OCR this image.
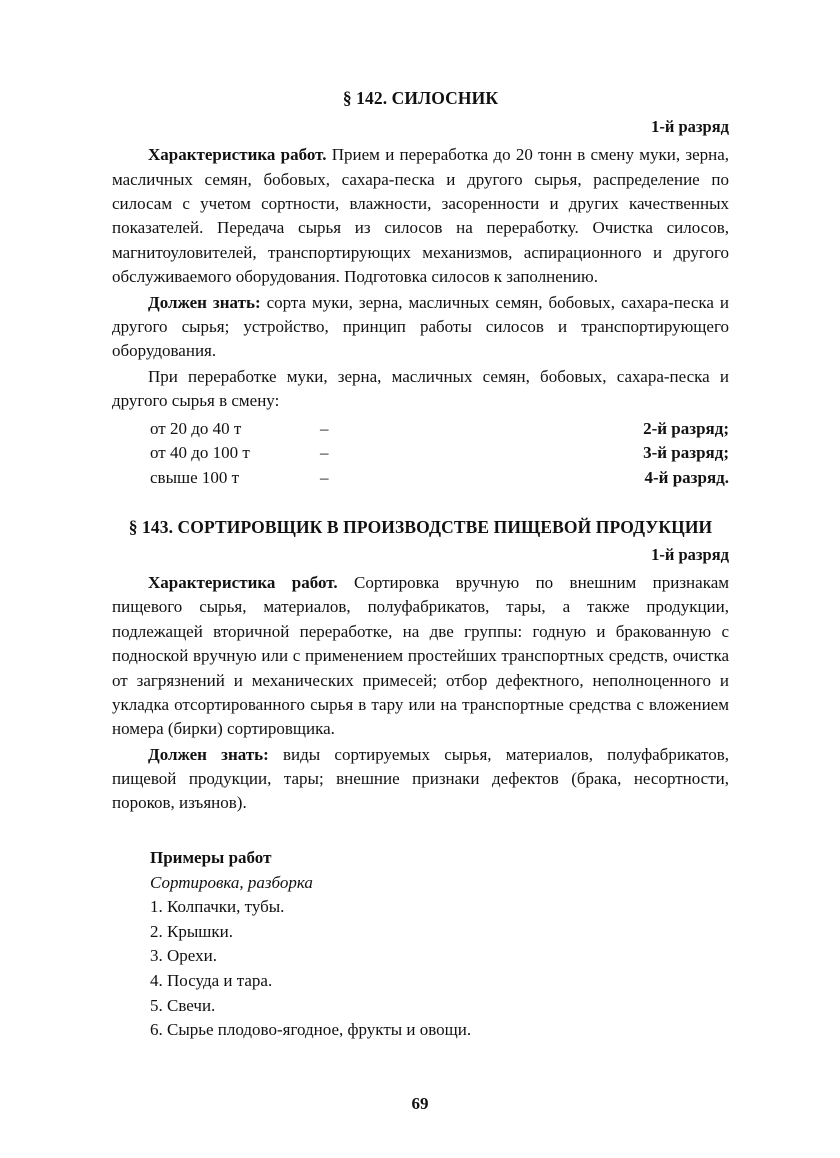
§ 142. СИЛОСНИК
1-й разряд

Характеристика работ. Прием и переработка до 20 тонн в смену муки, зерна, масличных семян, бобовых, сахара-песка и другого сырья, распределение по силосам с учетом сортности, влажности, засоренности и других качественных показателей. Передача сырья из силосов на переработку. Очистка силосов, магнитоуловителей, транспортирующих механизмов, аспирационного и другого обслуживаемого оборудования. Подготовка силосов к заполнению.

Должен знать: сорта муки, зерна, масличных семян, бобовых, сахара-песка и другого сырья; устройство, принцип работы силосов и транспортирующего оборудования.

При переработке муки, зерна, масличных семян, бобовых, сахара-песка и другого сырья в смену:

от 20 до 40 т	–	2-й разряд;
от 40 до 100 т	–	3-й разряд;
свыше 100 т	–	4-й разряд.
§ 143. СОРТИРОВЩИК В ПРОИЗВОДСТВЕ ПИЩЕВОЙ ПРОДУКЦИИ
1-й разряд

Характеристика работ. Сортировка вручную по внешним признакам пищевого сырья, материалов, полуфабрикатов, тары, а также продукции, подлежащей вторичной переработке, на две группы: годную и бракованную с подноской вручную или с применением простейших транспортных средств, очистка от загрязнений и механических примесей; отбор дефектного, неполноценного и укладка отсортированного сырья в тару или на транспортные средства с вложением номера (бирки) сортировщика.

Должен знать: виды сортируемых сырья, материалов, полуфабрикатов, пищевой продукции, тары; внешние признаки дефектов (брака, несортности, пороков, изъянов).

Примеры работ
Сортировка, разборка
1. Колпачки, тубы.
2. Крышки.
3. Орехи.
4. Посуда и тара.
5. Свечи.
6. Сырье плодово-ягодное, фрукты и овощи.
69
